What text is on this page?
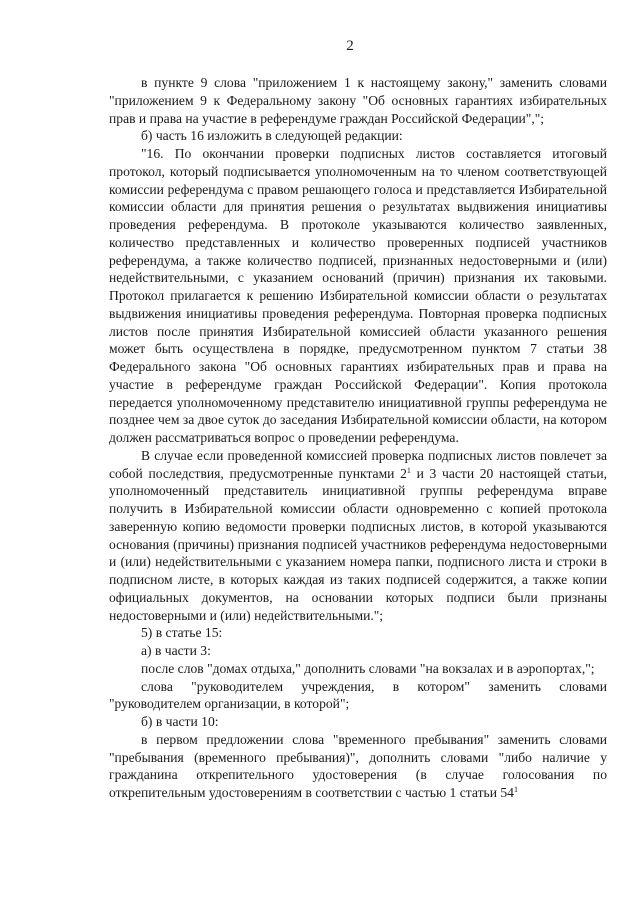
2

в пункте 9 слова "приложением 1 к настоящему закону," заменить словами "приложением 9 к Федеральному закону "Об основных гарантиях избирательных прав и права на участие в референдуме граждан Российской Федерации",";

б) часть 16 изложить в следующей редакции:

"16. По окончании проверки подписных листов составляется итоговый протокол, который подписывается уполномоченным на то членом соответствующей комиссии референдума с правом решающего голоса и представляется Избирательной комиссии области для принятия решения о результатах выдвижения инициативы проведения референдума. В протоколе указываются количество заявленных, количество представленных и количество проверенных подписей участников референдума, а также количество подписей, признанных недостоверными и (или) недействительными, с указанием оснований (причин) признания их таковыми. Протокол прилагается к решению Избирательной комиссии области о результатах выдвижения инициативы проведения референдума. Повторная проверка подписных листов после принятия Избирательной комиссией области указанного решения может быть осуществлена в порядке, предусмотренном пунктом 7 статьи 38 Федерального закона "Об основных гарантиях избирательных прав и права на участие в референдуме граждан Российской Федерации". Копия протокола передается уполномоченному представителю инициативной группы референдума не позднее чем за двое суток до заседания Избирательной комиссии области, на котором должен рассматриваться вопрос о проведении референдума.

В случае если проведенной комиссией проверка подписных листов повлечет за собой последствия, предусмотренные пунктами $2^1$ и 3 части 20 настоящей статьи, уполномоченный представитель инициативной группы референдума вправе получить в Избирательной комиссии области одновременно с копией протокола заверенную копию ведомости проверки подписных листов, в которой указываются основания (причины) признания подписей участников референдума недостоверными и (или) недействительными с указанием номера папки, подписного листа и строки в подписном листе, в которых каждая из таких подписей содержится, а также копии официальных документов, на основании которых подписи были признаны недостоверными и (или) недействительными.";

5) в статье 15:

а) в части 3:

после слов "домах отдыха," дополнить словами "на вокзалах и в аэропортах,";

слова "руководителем учреждения, в котором" заменить словами "руководителем организации, в которой";

б) в части 10:

в первом предложении слова "временного пребывания" заменить словами "пребывания (временного пребывания)", дополнить словами "либо наличие у гражданина открепительного удостоверения (в случае голосования по открепительным удостоверениям в соответствии с частью 1 статьи $54^1$
